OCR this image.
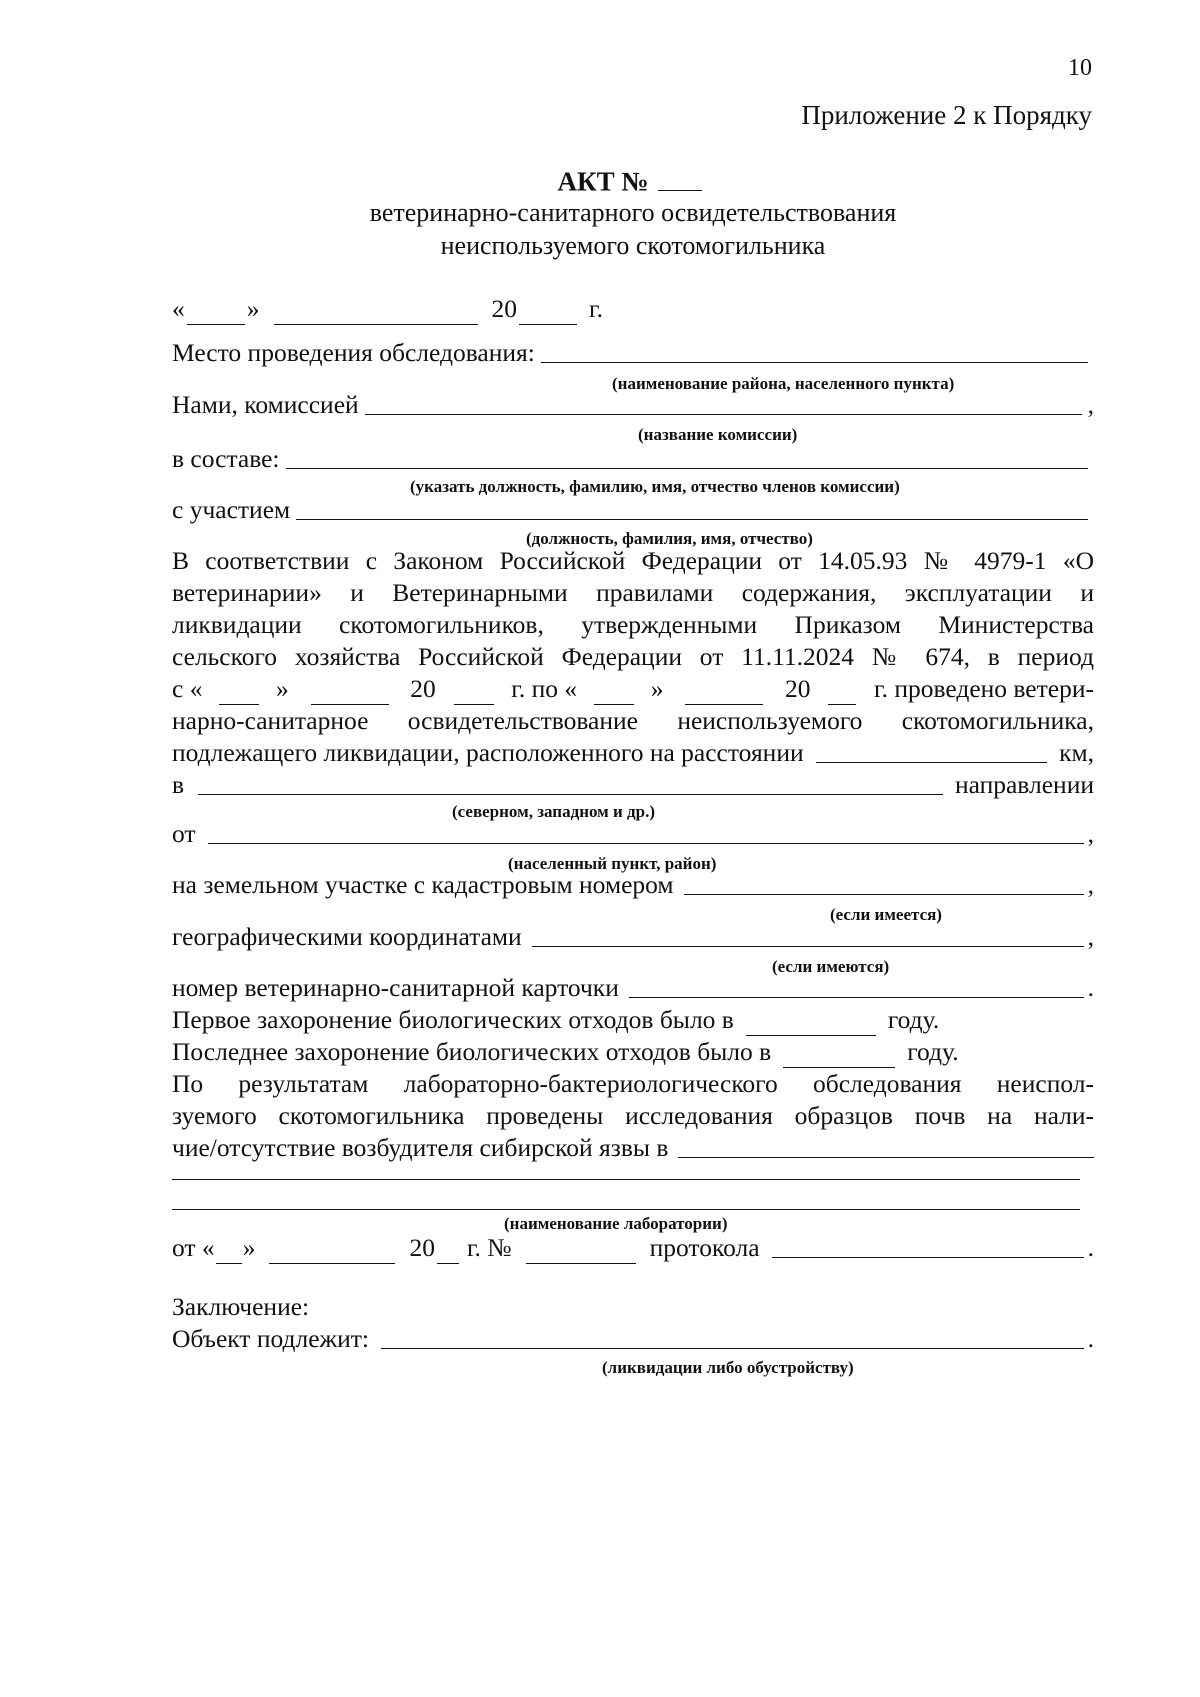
10
Приложение 2 к Порядку
АКТ №
ветеринарно-санитарного освидетельствования
неиспользуемого скотомогильника
« »	20	г.
Место проведения обследования:
(наименование района, населенного пункта)
Нами, комиссией	,
(название комиссии)
в составе:
(указать должность, фамилию, имя, отчество членов комиссии)
с участием
(должность, фамилия, имя, отчество)
В соответствии с Законом Российской Федерации от 14.05.93 № 4979-1 «О
ветеринарии» и Ветеринарными правилами содержания, эксплуатации и
ликвидации скотомогильников, утвержденными Приказом Министерства
сельского хозяйства Российской Федерации от 11.11.2024 № 674, в период
с «	»	20	г. по «	»	20 г. проведено ветери-
нарно-санитарное освидетельствование неиспользуемого скотомогильника,
подлежащего ликвидации, расположенного на расстоянии	км,
в	направлении
(северном, западном и др.)
от	,
(населенный пункт, район)
на земельном участке с кадастровым номером	,
(если имеется)
географическими координатами	,
(если имеются)
номер ветеринарно-санитарной карточки	.
Первое захоронение биологических отходов было в	году.
Последнее захоронение биологических отходов было в	году.
По результатам лабораторно-бактериологического обследования неиспол-
зуемого скотомогильника проведены исследования образцов почв на нали-
чие/отсутствие возбудителя сибирской язвы в
(наименование лаборатории)
от « »	20 г. №	протокола	.
Заключение:
Объект подлежит:	.
(ликвидации либо обустройству)
